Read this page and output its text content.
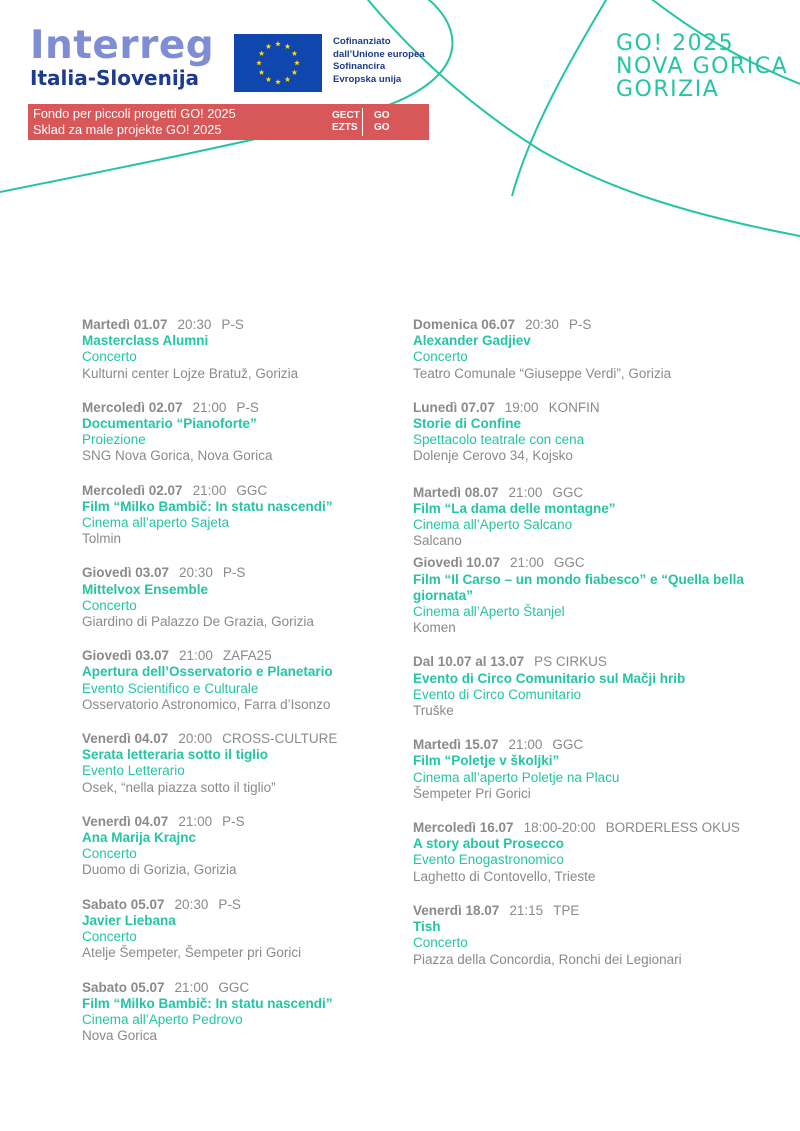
Interreg
Italia-Slovenija
Cofinanziato
dall’Unione europea
Sofinancira
Evropska unija
Fondo per piccoli progetti GO! 2025
Sklad za male projekte GO! 2025
GECT
EZTS
GO
GO
GO! 2025
NOVA GORICA
GORIZIA
Martedì 01.07 20:30 P-S
Masterclass Alumni
Concerto
Kulturni center Lojze Bratuž, Gorizia
Mercoledì 02.07 21:00 P-S
Documentario “Pianoforte”
Proiezione
SNG Nova Gorica, Nova Gorica
Mercoledì 02.07 21:00 GGC
Film “Milko Bambič: In statu nascendi”
Cinema all’aperto Sajeta
Tolmin
Giovedì 03.07 20:30 P-S
Mittelvox Ensemble
Concerto
Giardino di Palazzo De Grazia, Gorizia
Giovedì 03.07 21:00 ZAFA25
Apertura dell’Osservatorio e Planetario
Evento Scientifico e Culturale
Osservatorio Astronomico, Farra d’Isonzo
Venerdì 04.07 20:00 CROSS-CULTURE
Serata letteraria sotto il tiglio
Evento Letterario
Osek, “nella piazza sotto il tiglio”
Venerdì 04.07 21:00 P-S
Ana Marija Krajnc
Concerto
Duomo di Gorizia, Gorizia
Sabato 05.07 20:30 P-S
Javier Liebana
Concerto
Atelje Šempeter, Šempeter pri Gorici
Sabato 05.07 21:00 GGC
Film “Milko Bambič: In statu nascendi”
Cinema all’Aperto Pedrovo
Nova Gorica
Domenica 06.07 20:30 P-S
Alexander Gadjiev
Concerto
Teatro Comunale “Giuseppe Verdi”, Gorizia
Lunedì 07.07 19:00 KONFIN
Storie di Confine
Spettacolo teatrale con cena
Dolenje Cerovo 34, Kojsko
Martedì 08.07 21:00 GGC
Film “La dama delle montagne”
Cinema all’Aperto Salcano
Salcano
Giovedì 10.07 21:00 GGC
Film “Il Carso – un mondo fiabesco” e “Quella bella giornata”
Cinema all’Aperto Štanjel
Komen
Dal 10.07 al 13.07 PS CIRKUS
Evento di Circo Comunitario sul Mačji hrib
Evento di Circo Comunitario
Truške
Martedì 15.07 21:00 GGC
Film “Poletje v školjki”
Cinema all’aperto Poletje na Placu
Šempeter Pri Gorici
Mercoledì 16.07 18:00-20:00 BORDERLESS OKUS
A story about Prosecco
Evento Enogastronomico
Laghetto di Contovello, Trieste
Venerdì 18.07 21:15 TPE
Tish
Concerto
Piazza della Concordia, Ronchi dei Legionari
